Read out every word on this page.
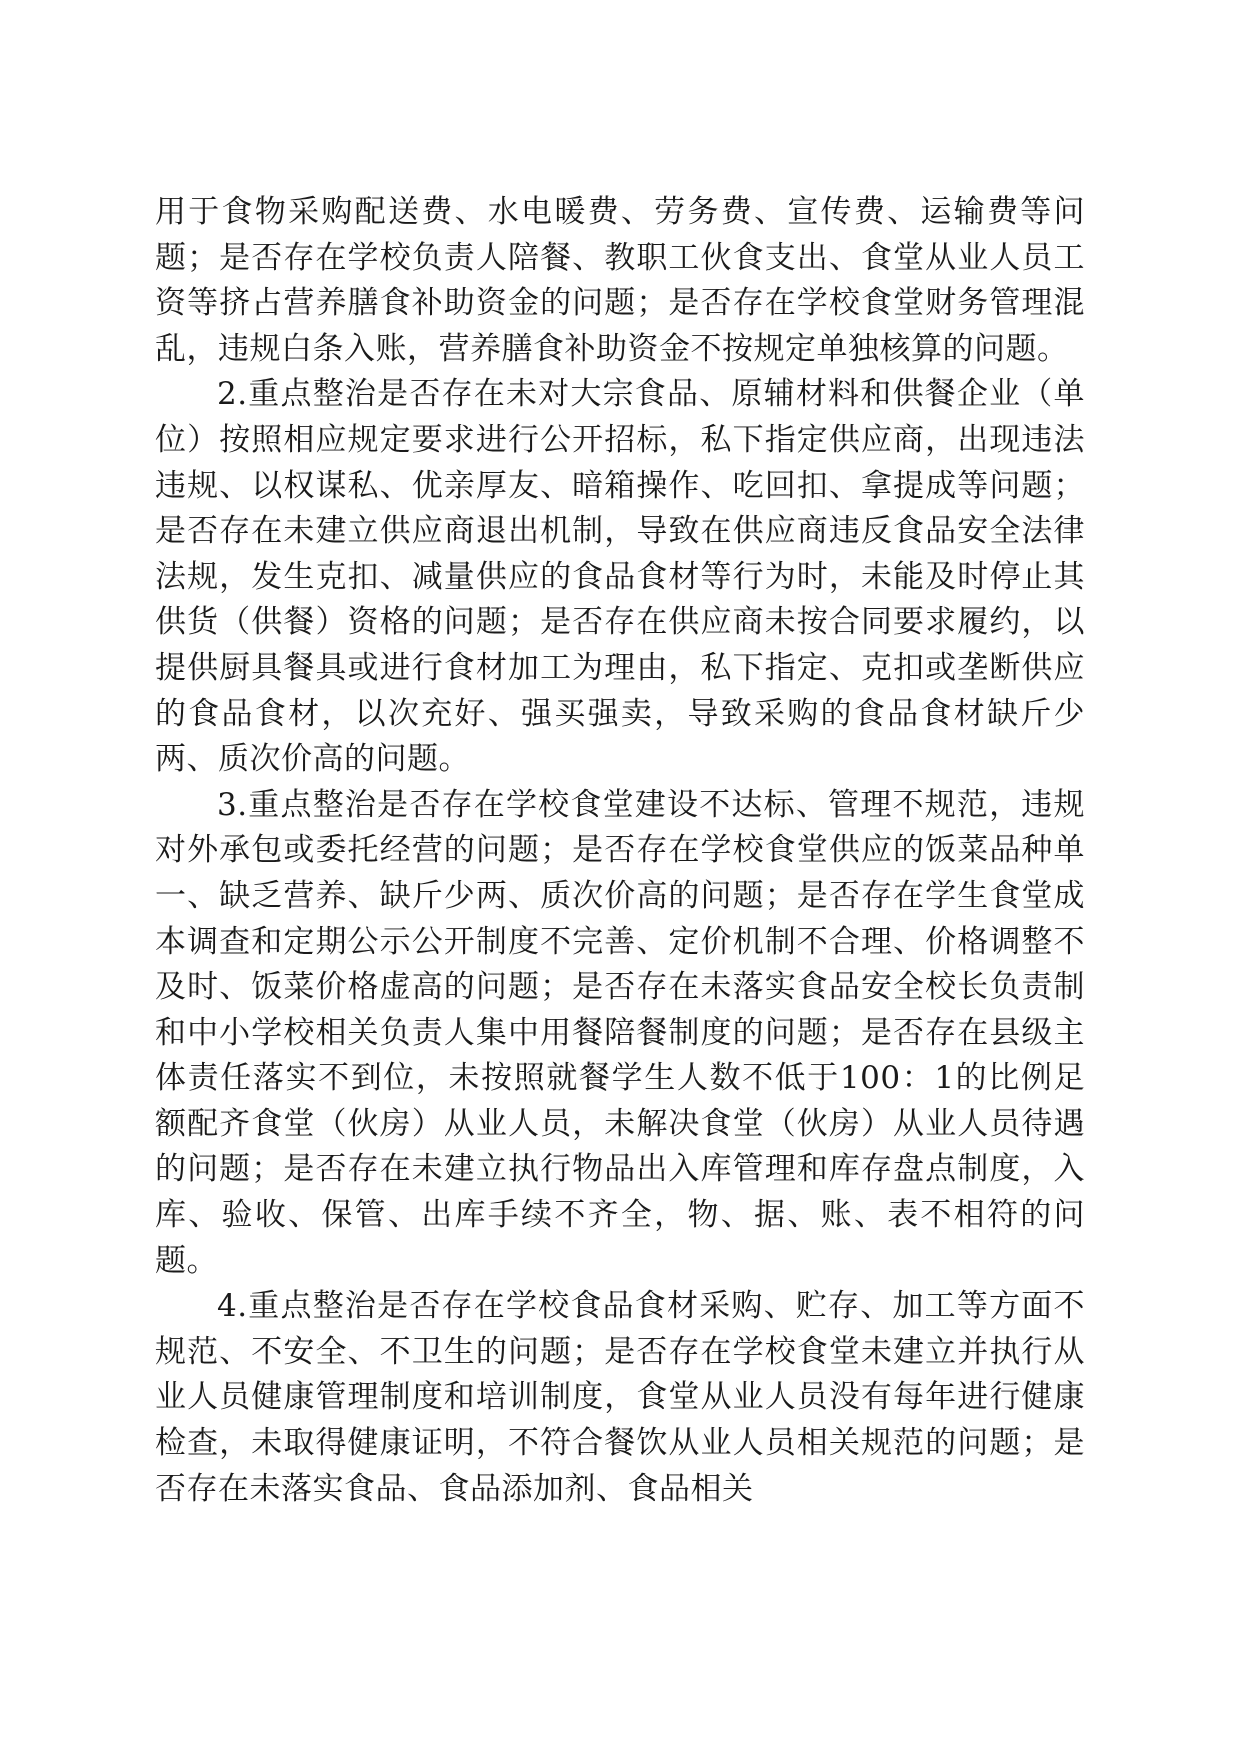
用于食物采购配送费、水电暖费、劳务费、宣传费、运输费等问题；是否存在学校负责人陪餐、教职工伙食支出、食堂从业人员工资等挤占营养膳食补助资金的问题；是否存在学校食堂财务管理混乱，违规白条入账，营养膳食补助资金不按规定单独核算的问题。

2.重点整治是否存在未对大宗食品、原辅材料和供餐企业（单位）按照相应规定要求进行公开招标，私下指定供应商，出现违法违规、以权谋私、优亲厚友、暗箱操作、吃回扣、拿提成等问题；是否存在未建立供应商退出机制，导致在供应商违反食品安全法律法规，发生克扣、减量供应的食品食材等行为时，未能及时停止其供货（供餐）资格的问题；是否存在供应商未按合同要求履约，以提供厨具餐具或进行食材加工为理由，私下指定、克扣或垄断供应的食品食材，以次充好、强买强卖，导致采购的食品食材缺斤少两、质次价高的问题。

3.重点整治是否存在学校食堂建设不达标、管理不规范，违规对外承包或委托经营的问题；是否存在学校食堂供应的饭菜品种单一、缺乏营养、缺斤少两、质次价高的问题；是否存在学生食堂成本调查和定期公示公开制度不完善、定价机制不合理、价格调整不及时、饭菜价格虚高的问题；是否存在未落实食品安全校长负责制和中小学校相关负责人集中用餐陪餐制度的问题；是否存在县级主体责任落实不到位，未按照就餐学生人数不低于100：1的比例足额配齐食堂（伙房）从业人员，未解决食堂（伙房）从业人员待遇的问题；是否存在未建立执行物品出入库管理和库存盘点制度，入库、验收、保管、出库手续不齐全，物、据、账、表不相符的问题。

4.重点整治是否存在学校食品食材采购、贮存、加工等方面不规范、不安全、不卫生的问题；是否存在学校食堂未建立并执行从业人员健康管理制度和培训制度，食堂从业人员没有每年进行健康检查，未取得健康证明，不符合餐饮从业人员相关规范的问题；是否存在未落实食品、食品添加剂、食品相关
